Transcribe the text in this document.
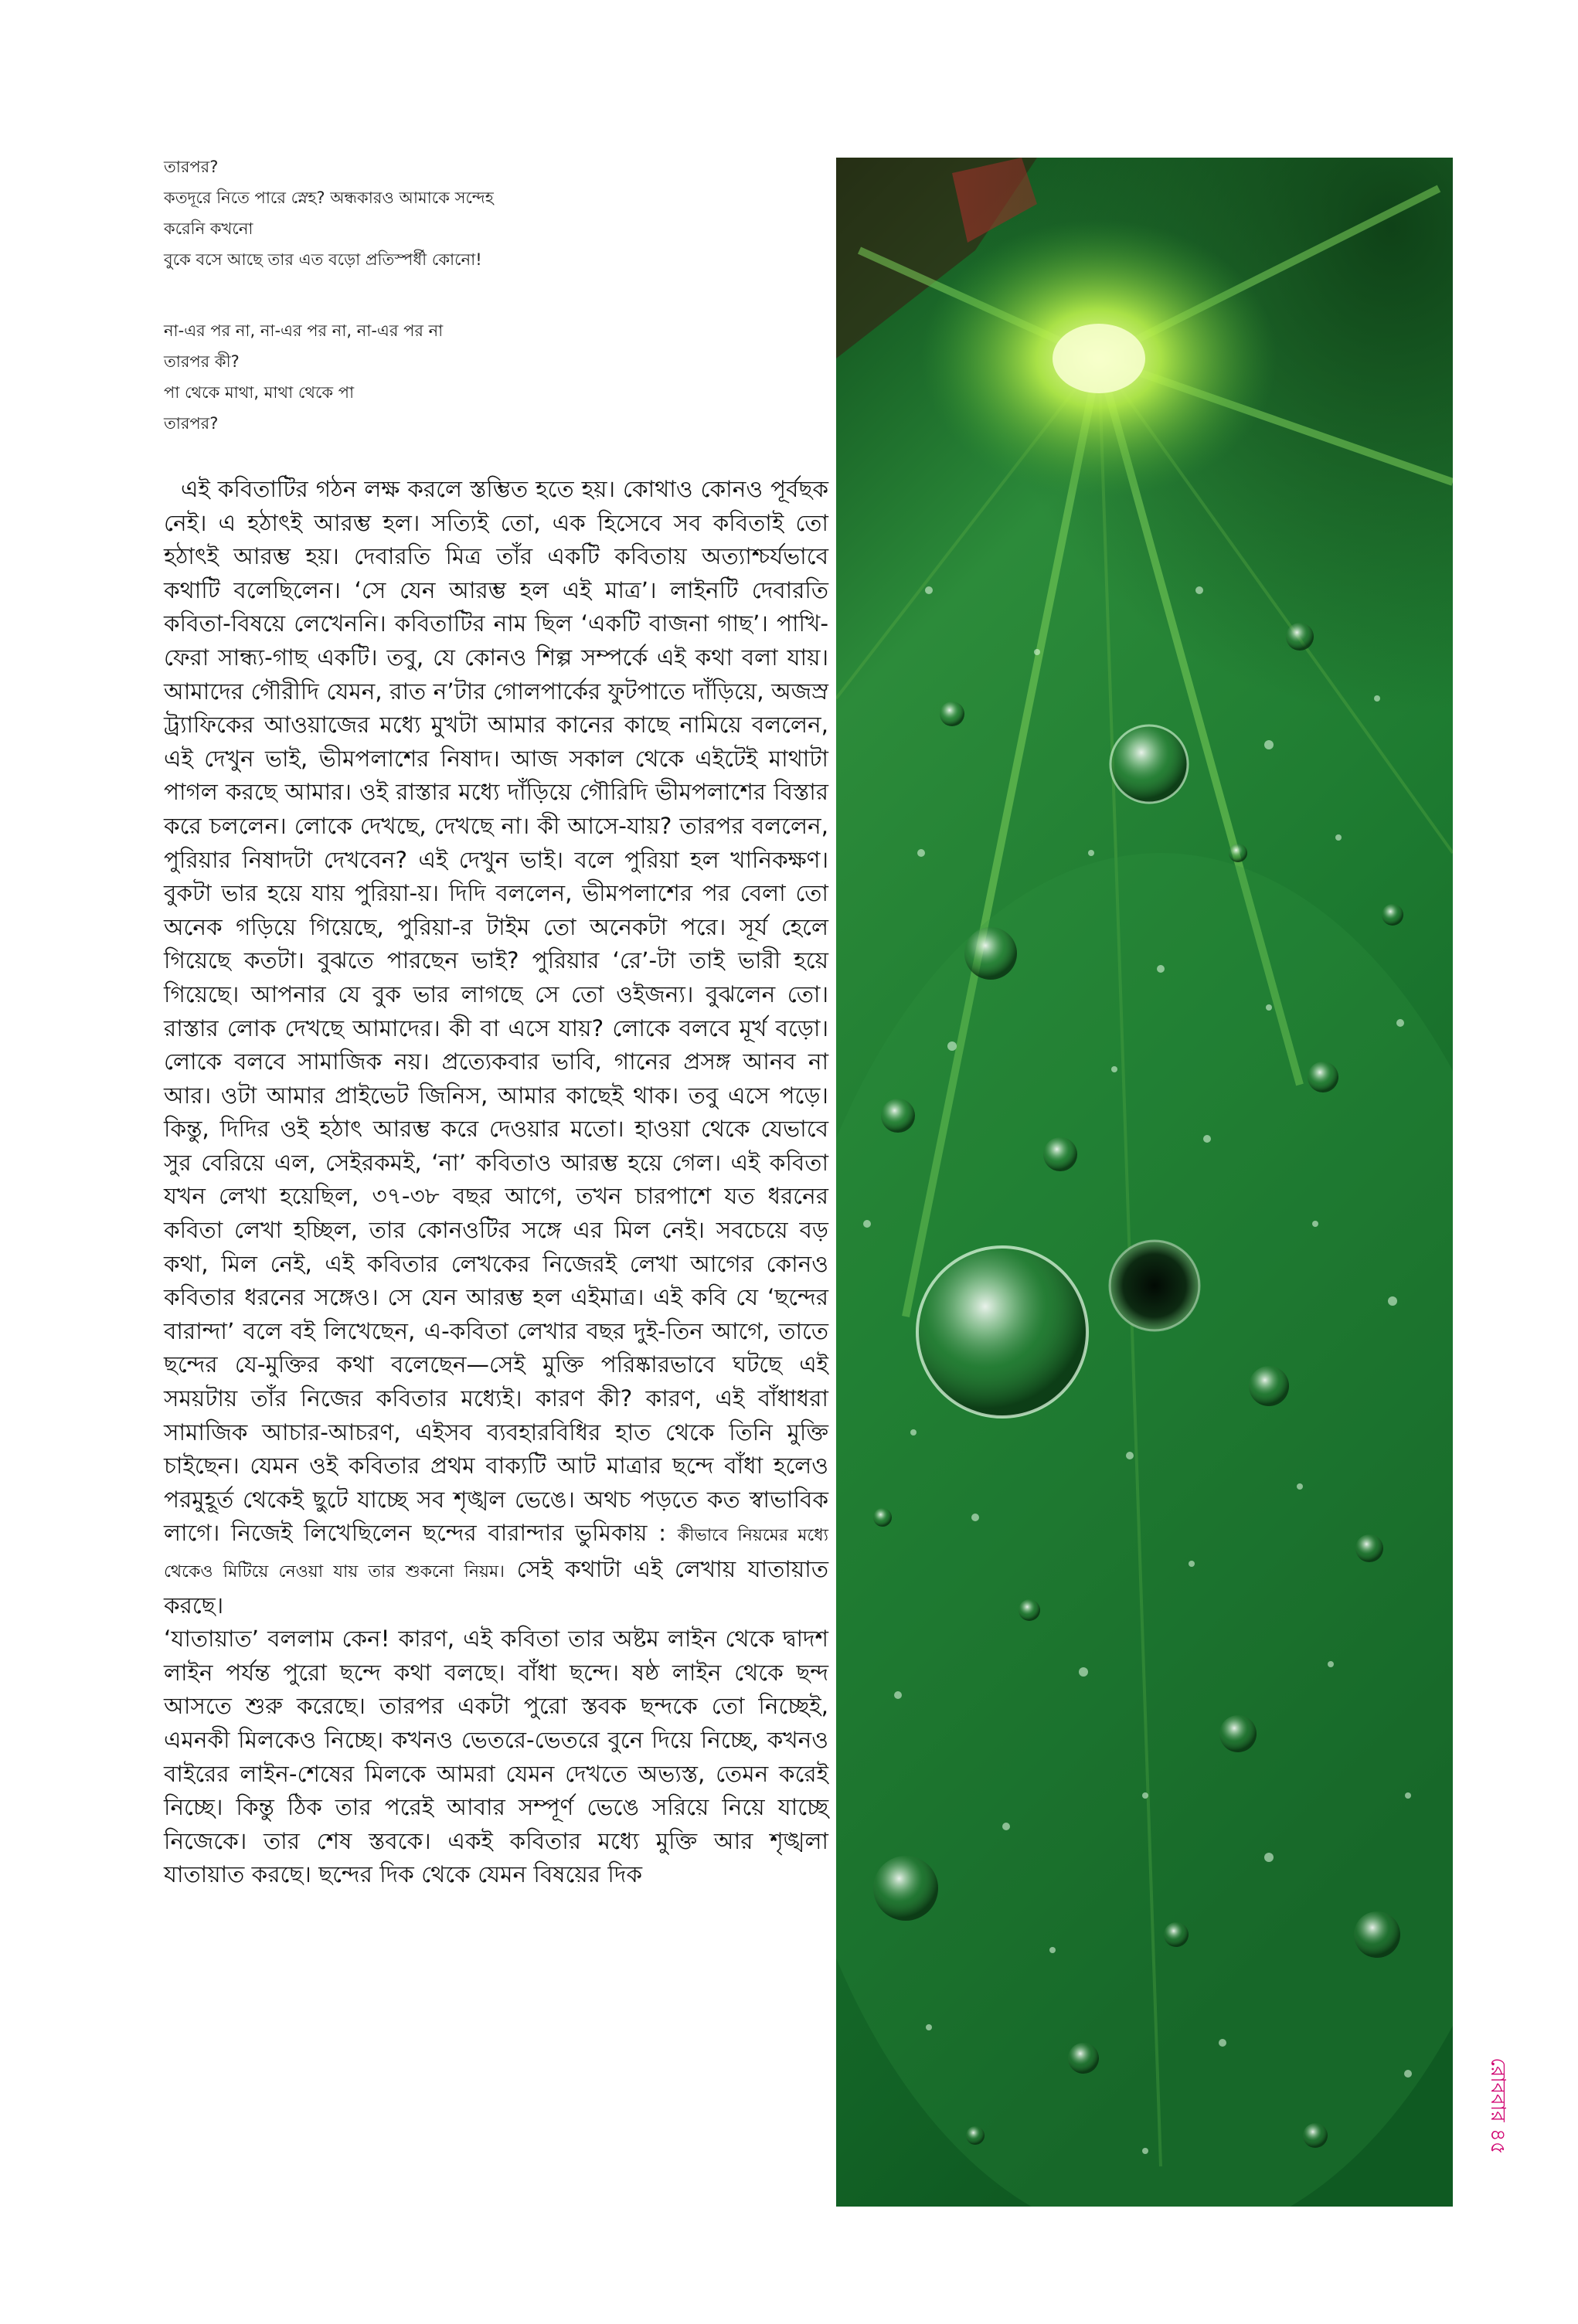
তারপর?
কতদূরে নিতে পারে স্নেহ? অন্ধকারও আমাকে সন্দেহ
করেনি কখনো
বুকে বসে আছে তার এত বড়ো প্রতিস্পর্ধী কোনো!
না-এর পর না, না-এর পর না, না-এর পর না
তারপর কী?
পা থেকে মাথা, মাথা থেকে পা
তারপর?

এই কবিতাটির গঠন লক্ষ করলে স্তম্ভিত হতে হয়। কোথাও কোনও পূর্বছক নেই। এ হঠাৎই আরম্ভ হল। সত্যিই তো, এক হিসেবে সব কবিতাই তো হঠাৎই আরম্ভ হয়। দেবারতি মিত্র তাঁর একটি কবিতায় অত্যাশ্চর্যভাবে কথাটি বলেছিলেন। ‘সে যেন আরম্ভ হল এই মাত্র’। লাইনটি দেবারতি কবিতা-বিষয়ে লেখেননি। কবিতাটির নাম ছিল ‘একটি বাজনা গাছ’। পাখি-ফেরা সান্ধ্য-গাছ একটি। তবু, যে কোনও শিল্প সম্পর্কে এই কথা বলা যায়। আমাদের গৌরীদি যেমন, রাত ন’টার গোলপার্কের ফুটপাতে দাঁড়িয়ে, অজস্র ট্র্যাফিকের আওয়াজের মধ্যে মুখটা আমার কানের কাছে নামিয়ে বললেন, এই দেখুন ভাই, ভীমপলাশের নিষাদ। আজ সকাল থেকে এইটেই মাথাটা পাগল করছে আমার। ওই রাস্তার মধ্যে দাঁড়িয়ে গৌরিদি ভীমপলাশের বিস্তার করে চললেন। লোকে দেখছে, দেখছে না। কী আসে-যায়? তারপর বললেন, পুরিয়ার নিষাদটা দেখবেন? এই দেখুন ভাই। বলে পুরিয়া হল খানিকক্ষণ। বুকটা ভার হয়ে যায় পুরিয়া-য়। দিদি বললেন, ভীমপলাশের পর বেলা তো অনেক গড়িয়ে গিয়েছে, পুরিয়া-র টাইম তো অনেকটা পরে। সূর্য হেলে গিয়েছে কতটা। বুঝতে পারছেন ভাই? পুরিয়ার ‘রে’-টা তাই ভারী হয়ে গিয়েছে। আপনার যে বুক ভার লাগছে সে তো ওইজন্য। বুঝলেন তো। রাস্তার লোক দেখছে আমাদের। কী বা এসে যায়? লোকে বলবে মূর্খ বড়ো। লোকে বলবে সামাজিক নয়। প্রত্যেকবার ভাবি, গানের প্রসঙ্গ আনব না আর। ওটা আমার প্রাইভেট জিনিস, আমার কাছেই থাক। তবু এসে পড়ে। কিন্তু, দিদির ওই হঠাৎ আরম্ভ করে দেওয়ার মতো। হাওয়া থেকে যেভাবে সুর বেরিয়ে এল, সেইরকমই, ‘না’ কবিতাও আরম্ভ হয়ে গেল। এই কবিতা যখন লেখা হয়েছিল, ৩৭-৩৮ বছর আগে, তখন চারপাশে যত ধরনের কবিতা লেখা হচ্ছিল, তার কোনওটির সঙ্গে এর মিল নেই। সবচেয়ে বড় কথা, মিল নেই, এই কবিতার লেখকের নিজেরই লেখা আগের কোনও কবিতার ধরনের সঙ্গেও। সে যেন আরম্ভ হল এইমাত্র। এই কবি যে ‘ছন্দের বারান্দা’ বলে বই লিখেছেন, এ-কবিতা লেখার বছর দুই-তিন আগে, তাতে ছন্দের যে-মুক্তির কথা বলেছেন—সেই মুক্তি পরিষ্কারভাবে ঘটছে এই সময়টায় তাঁর নিজের কবিতার মধ্যেই। কারণ কী? কারণ, এই বাঁধাধরা সামাজিক আচার-আচরণ, এইসব ব্যবহারবিধির হাত থেকে তিনি মুক্তি চাইছেন। যেমন ওই কবিতার প্রথম বাক্যটি আট মাত্রার ছন্দে বাঁধা হলেও পরমুহূর্ত থেকেই ছুটে যাচ্ছে সব শৃঙ্খল ভেঙে। অথচ পড়তে কত স্বাভাবিক লাগে। নিজেই লিখেছিলেন ছন্দের বারান্দার ভুমিকায় : কীভাবে নিয়মের মধ্যে থেকেও মিটিয়ে নেওয়া যায় তার শুকনো নিয়ম। সেই কথাটা এই লেখায় যাতায়াত করছে।

‘যাতায়াত’ বললাম কেন! কারণ, এই কবিতা তার অষ্টম লাইন থেকে দ্বাদশ লাইন পর্যন্ত পুরো ছন্দে কথা বলছে। বাঁধা ছন্দে। ষষ্ঠ লাইন থেকে ছন্দ আসতে শুরু করেছে। তারপর একটা পুরো স্তবক ছন্দকে তো নিচ্ছেই, এমনকী মিলকেও নিচ্ছে। কখনও ভেতরে-ভেতরে বুনে দিয়ে নিচ্ছে, কখনও বাইরের লাইন-শেষের মিলকে আমরা যেমন দেখতে অভ্যস্ত, তেমন করেই নিচ্ছে। কিন্তু ঠিক তার পরেই আবার সম্পূর্ণ ভেঙে সরিয়ে নিয়ে যাচ্ছে নিজেকে। তার শেষ স্তবকে। একই কবিতার মধ্যে মুক্তি আর শৃঙ্খলা যাতায়াত করছে। ছন্দের দিক থেকে যেমন বিষয়ের দিক

রোববার ৪৫
